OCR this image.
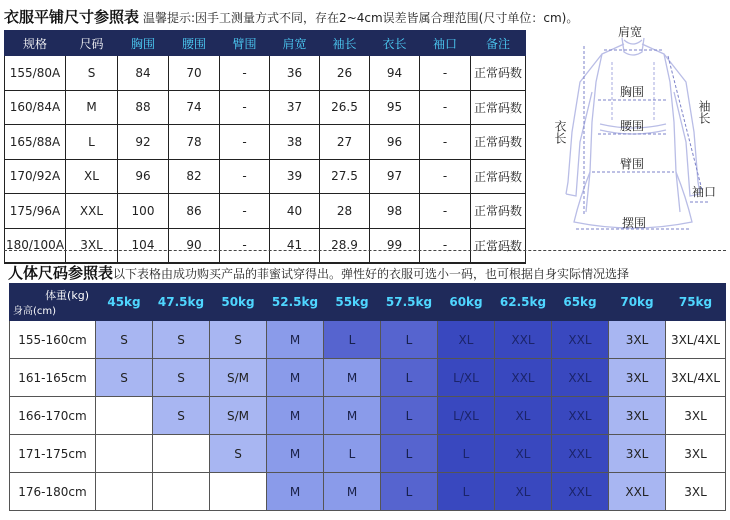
衣服平铺尺寸参照表 温馨提示:因手工测量方式不同，存在2~4cm误差皆属合理范围(尺寸单位：cm)。
规格	尺码	胸围	腰围	臂围	肩宽	袖长	衣长	袖口	备注
155/80A	S	84	70	-	36	26	94	-	正常码数
160/84A	M	88	74	-	37	26.5	95	-	正常码数
165/88A	L	92	78	-	38	27	96	-	正常码数
170/92A	XL	96	82	-	39	27.5	97	-	正常码数
175/96A	XXL	100	86	-	40	28	98	-	正常码数
180/100A	3XL	104	90	-	41	28.9	99	-	正常码数
肩宽
胸围
腰围
臂围
摆围
衣长
袖长
袖口
人体尺码参照表以下表格由成功购买产品的菲蜜试穿得出。弹性好的衣服可选小一码，也可根据自身实际情况选择
体重(kg)
身高(cm)	45kg	47.5kg	50kg	52.5kg	55kg	57.5kg	60kg	62.5kg	65kg	70kg	75kg
155-160cm	S	S	S	M	L	L	XL	XXL	XXL	3XL	3XL/4XL
161-165cm	S	S	S/M	M	M	L	L/XL	XXL	XXL	3XL	3XL/4XL
166-170cm		S	S/M	M	M	L	L/XL	XL	XXL	3XL	3XL
171-175cm			S	M	L	L	L	XL	XXL	3XL	3XL
176-180cm				M	M	L	L	XL	XXL	XXL	3XL
